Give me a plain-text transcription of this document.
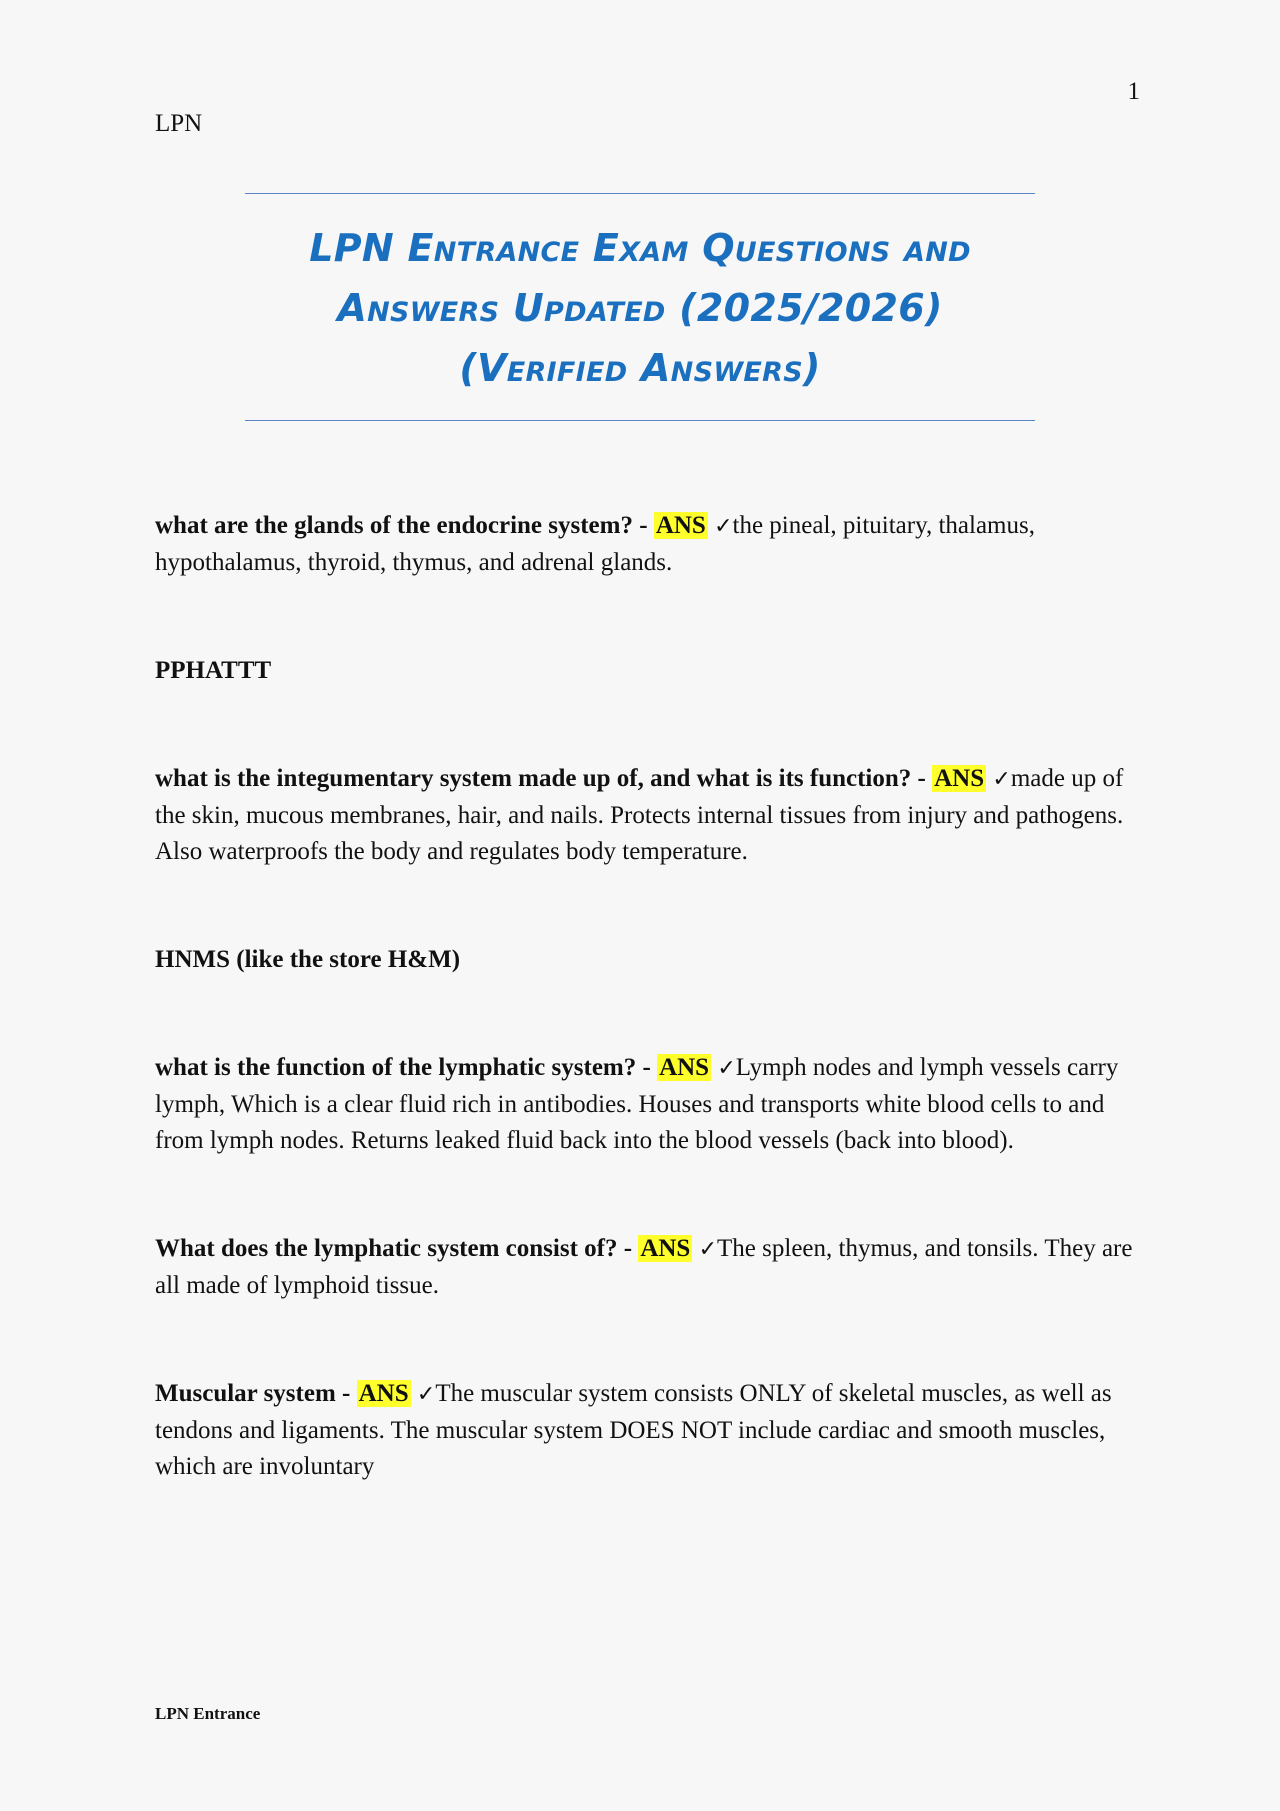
1
LPN
LPN Entrance Exam Questions and
Answers Updated (2025/2026)
(Verified Answers)

what are the glands of the endocrine system? - ANS ✓the pineal, pituitary, thalamus, hypothalamus, thyroid, thymus, and adrenal glands.

PPHATTT

what is the integumentary system made up of, and what is its function? - ANS ✓made up of the skin, mucous membranes, hair, and nails. Protects internal tissues from injury and pathogens. Also waterproofs the body and regulates body temperature.

HNMS (like the store H&M)

what is the function of the lymphatic system? - ANS ✓Lymph nodes and lymph vessels carry lymph, Which is a clear fluid rich in antibodies. Houses and transports white blood cells to and from lymph nodes. Returns leaked fluid back into the blood vessels (back into blood).

What does the lymphatic system consist of? - ANS ✓The spleen, thymus, and tonsils. They are all made of lymphoid tissue.

Muscular system - ANS ✓The muscular system consists ONLY of skeletal muscles, as well as tendons and ligaments. The muscular system DOES NOT include cardiac and smooth muscles, which are involuntary

LPN Entrance
